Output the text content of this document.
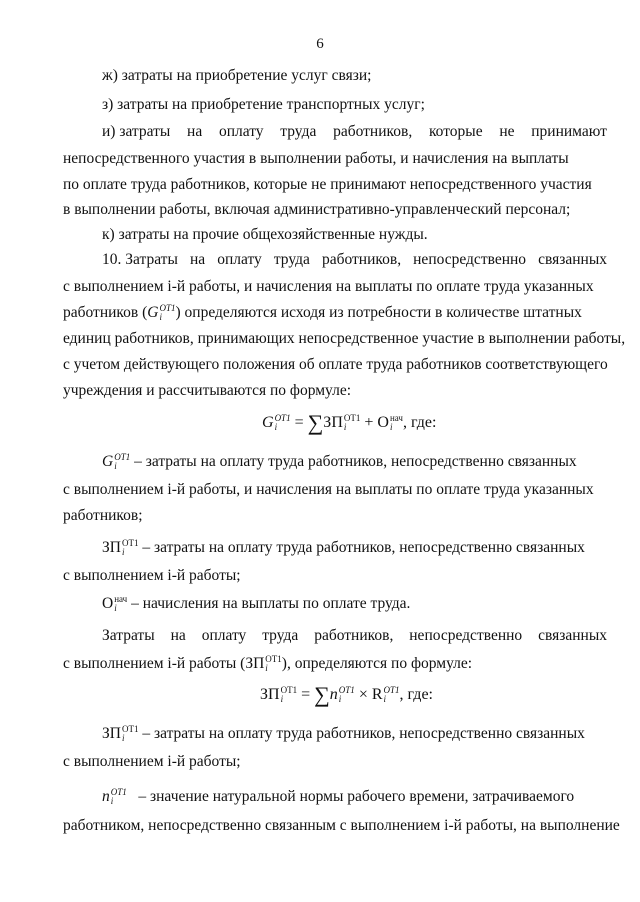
6
ж) затраты на приобретение услуг связи;
з) затраты на приобретение транспортных услуг;
и) затраты на оплату труда работников, которые не принимают
непосредственного участия в выполнении работы, и начисления на выплаты
по оплате труда работников, которые не принимают непосредственного участия
в выполнении работы, включая административно-управленческий персонал;
к) затраты на прочие общехозяйственные нужды.
10. Затраты на оплату труда работников, непосредственно связанных
с выполнением i-й работы, и начисления на выплаты по оплате труда указанных
работников (G OT1
i ) определяются исходя из потребности в количестве штатных
единиц работников, принимающих непосредственное участие в выполнении работы,
с учетом действующего положения об оплате труда работников соответствующего
учреждения и рассчитываются по формуле:
G OT1
i	= ∑ЗП ОТ1
i	+ O нач
i , где:
G OT1
i	– затраты на оплату труда работников, непосредственно связанных
с выполнением i-й работы, и начисления на выплаты по оплате труда указанных
работников;
ЗП ОТ1
i	– затраты на оплату труда работников, непосредственно связанных
с выполнением i-й работы;
O нач
i – начисления на выплаты по оплате труда.
Затраты на оплату труда работников, непосредственно связанных
с выполнением i-й работы (ЗП ОТ1
i ), определяются по формуле:
ЗП ОТ1
i	= ∑n OT1
i	× R OT1
i , где:
ЗП ОТ1
i	– затраты на оплату труда работников, непосредственно связанных
с выполнением i-й работы;
n OT1
i	– значение натуральной нормы рабочего времени, затрачиваемого
работником, непосредственно связанным с выполнением i-й работы, на выполнение
